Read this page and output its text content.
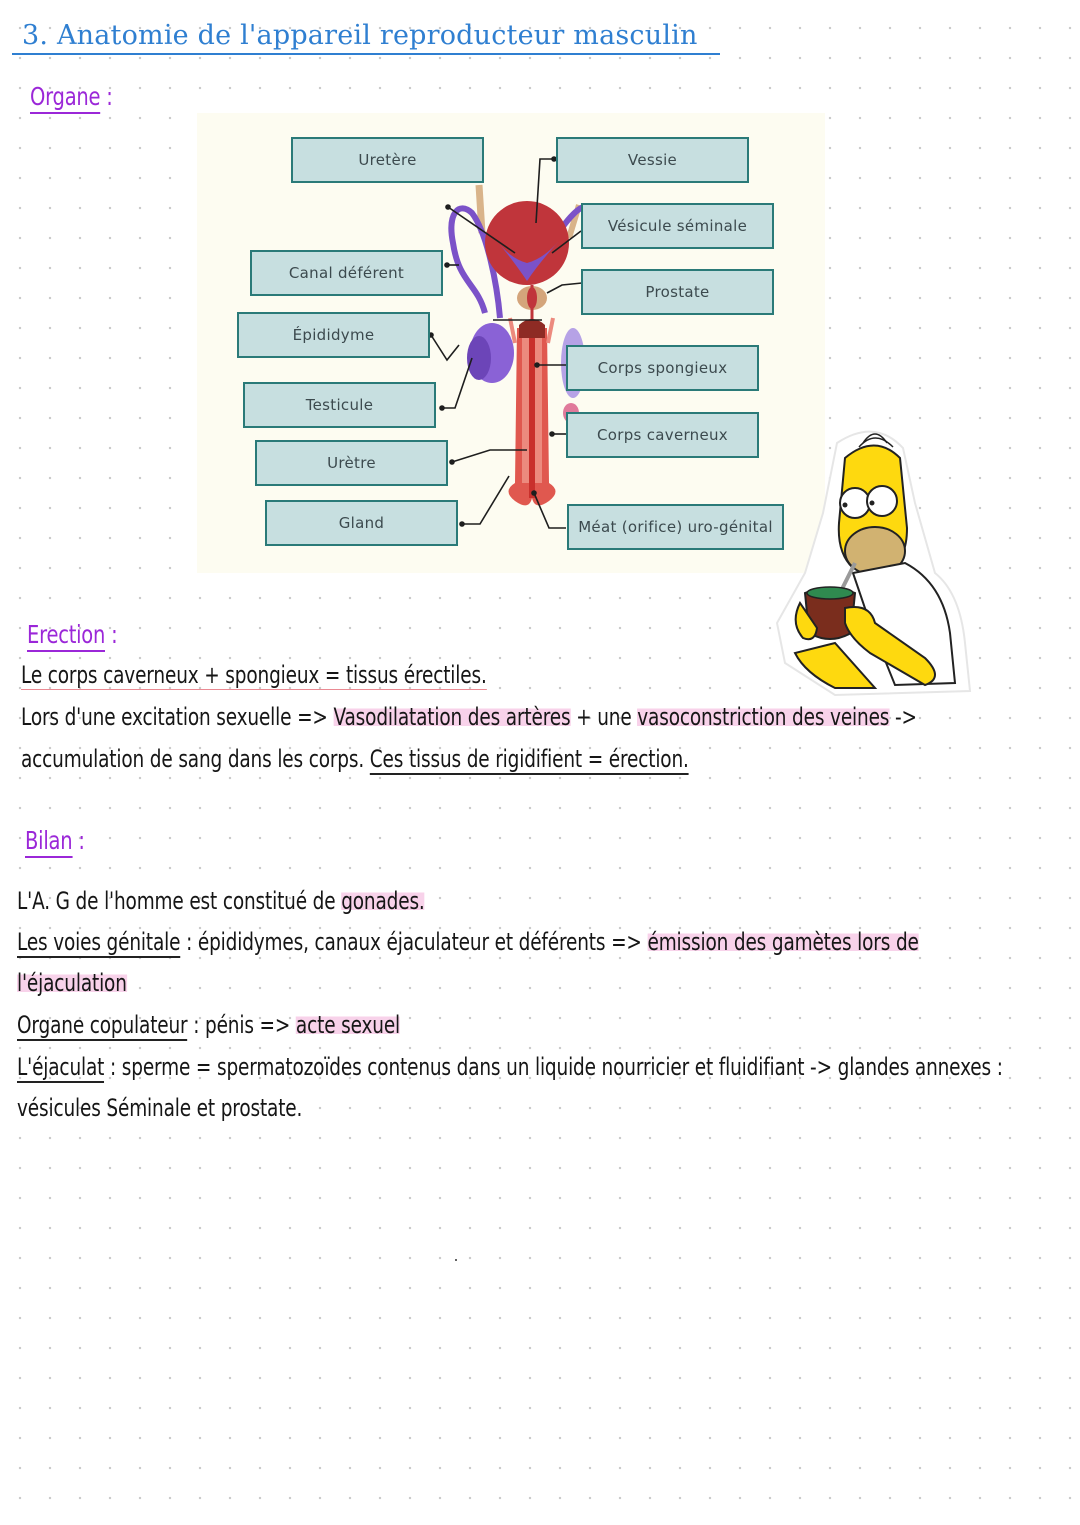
3. Anatomie de l'appareil reproducteur masculin
Organe :
Uretère	Vessie
Vésicule séminale
Canal déférent
Prostate
Épididyme
Corps spongieux
Testicule
Corps caverneux
Urètre
Gland	Méat (orifice) uro-génital
Erection :
Le corps caverneux + spongieux = tissus érectiles.
Lors d'une excitation sexuelle => Vasodilatation des artères + une vasoconstriction des veines ->
accumulation de sang dans les corps. Ces tissus de rigidifient = érection.
Bilan :
L'A. G de l'homme est constitué de gonades.
Les voies génitale : épididymes, canaux éjaculateur et déférents => émission des gamètes lors de
l'éjaculation
Organe copulateur : pénis => acte sexuel
L'éjaculat : sperme = spermatozoïdes contenus dans un liquide nourricier et fluidifiant -> glandes annexes :
vésicules Séminale et prostate.
